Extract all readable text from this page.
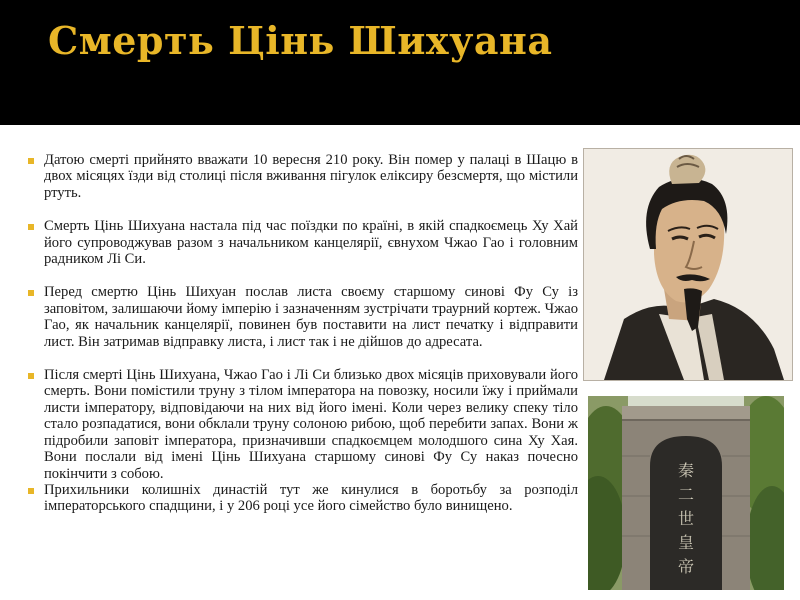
Смерть Цінь Шихуана
Датою смерті прийнято вважати 10 вересня 210 року. Він помер у палаці в Шацю в двох місяцях їзди від столиці після вживання пігулок еліксиру безсмертя, що містили ртуть.
Смерть Цінь Шихуана настала під час поїздки по країні, в якій спадкоємець Ху Хай його супроводжував разом з начальником канцелярії, євнухом Чжао Гао і головним радником Лі Си.
Перед смертю Цінь Шихуан послав листа своєму старшому синові Фу Су із заповітом, залишаючи йому імперію і зазначенням зустрічати траурний кортеж. Чжао Гао, як начальник канцелярії, повинен був поставити на лист печатку і відправити лист. Він затримав відправку листа, і лист так і не дійшов до адресата.
Після смерті Цінь Шихуана, Чжао Гао і Лі Си близько двох місяців приховували його смерть. Вони помістили труну з тілом імператора на повозку, носили їжу і приймали листи імператору, відповідаючи на них від його імені. Коли через велику спеку тіло стало розпадатися, вони обклали труну солоною рибою, щоб перебити запах. Вони ж підробили заповіт імператора, призначивши спадкоємцем молодшого сина Ху Хая. Вони послали від імені Цінь Шихуана старшому синові Фу Су наказ почесно покінчити з собою.
Прихильники колишніх династій тут же кинулися в боротьбу за розподіл імператорського спадщини, і у 206 році усе його сімейство було винищено.
秦
二
世
皇
帝
